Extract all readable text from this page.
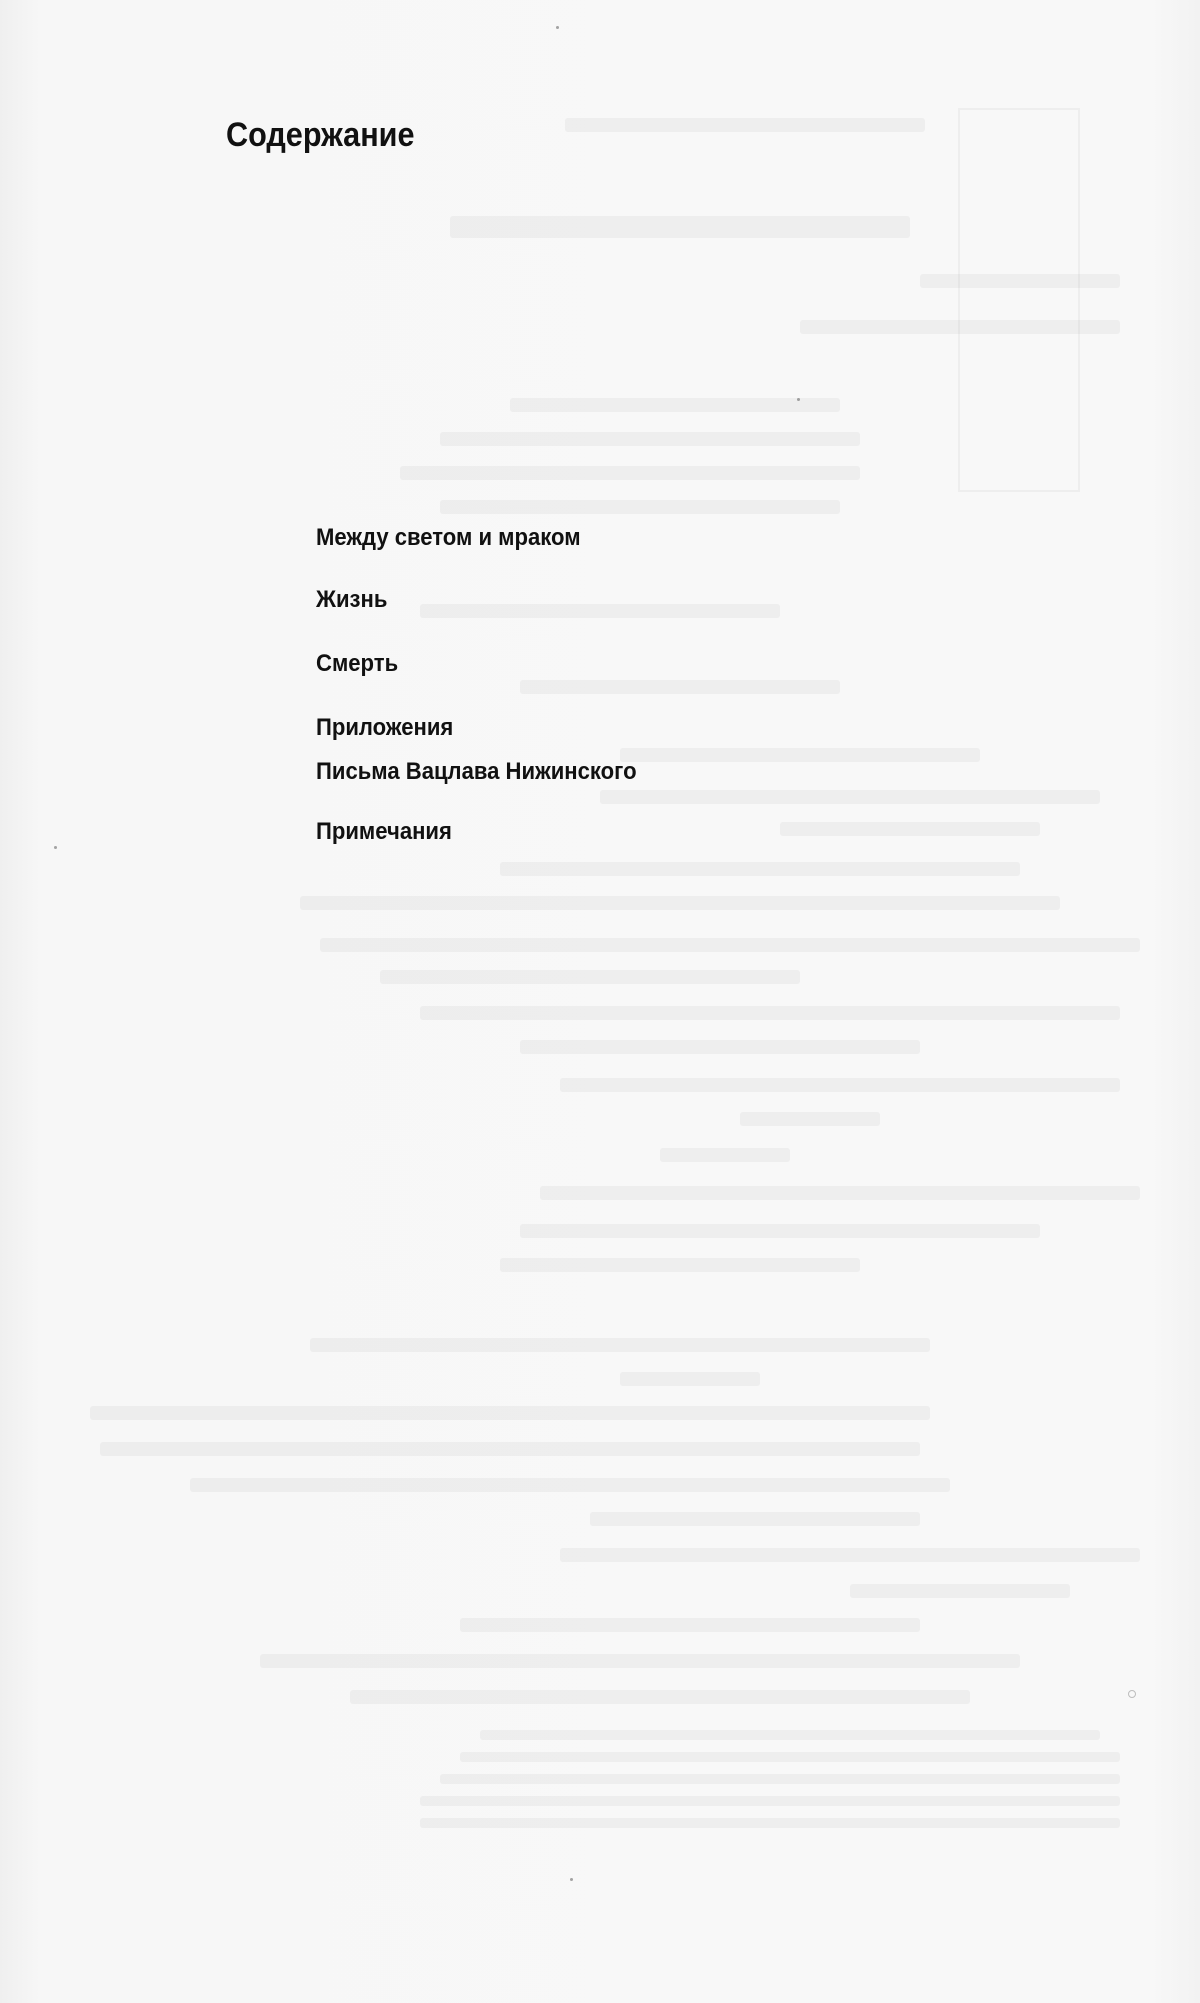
Содержание
Между светом и мраком
Жизнь
Смерть
Приложения
Письма Вацлава Нижинского
Примечания
